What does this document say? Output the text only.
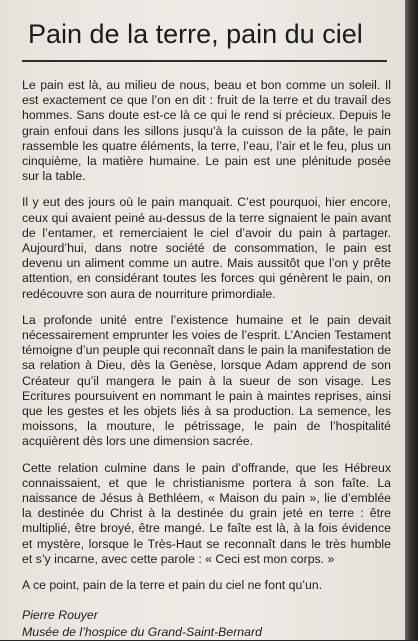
Pain de la terre, pain du ciel

Le pain est là, au milieu de nous, beau et bon comme un soleil. Il est exactement ce que l’on en dit : fruit de la terre et du travail des hommes. Sans doute est-ce là ce qui le rend si précieux. Depuis le grain enfoui dans les sillons jusqu’à la cuisson de la pâte, le pain rassemble les quatre éléments, la terre, l’eau, l’air et le feu, plus un cinquième, la matière humaine. Le pain est une plénitude posée sur la table.

Il y eut des jours où le pain manquait. C’est pourquoi, hier encore, ceux qui avaient peiné au-dessus de la terre signaient le pain avant de l’entamer, et remerciaient le ciel d’avoir du pain à partager. Aujourd’hui, dans notre société de consommation, le pain est devenu un aliment comme un autre. Mais aussitôt que l’on y prête attention, en considérant toutes les forces qui génèrent le pain, on redécouvre son aura de nourriture primordiale.

La profonde unité entre l’existence humaine et le pain devait nécessairement emprunter les voies de l’esprit. L’Ancien Testament témoigne d’un peuple qui reconnaît dans le pain la manifestation de sa relation à Dieu, dès la Genèse, lorsque Adam apprend de son Créateur qu’il mangera le pain à la sueur de son visage. Les Ecritures poursuivent en nommant le pain à maintes reprises, ainsi que les gestes et les objets liés à sa production. La semence, les moissons, la mouture, le pétrissage, le pain de l’hospitalité acquièrent dès lors une dimension sacrée.

Cette relation culmine dans le pain d’offrande, que les Hébreux connaissaient, et que le christianisme portera à son faîte. La naissance de Jésus à Bethléem, « Maison du pain », lie d’emblée la destinée du Christ à la destinée du grain jeté en terre : être multiplié, être broyé, être mangé. Le faîte est là, à la fois évidence et mystère, lorsque le Très-Haut se reconnaît dans le très humble et s’y incarne, avec cette parole : « Ceci est mon corps. »

A ce point, pain de la terre et pain du ciel ne font qu’un.

Pierre Rouyer
Musée de l’hospice du Grand-Saint-Bernard
